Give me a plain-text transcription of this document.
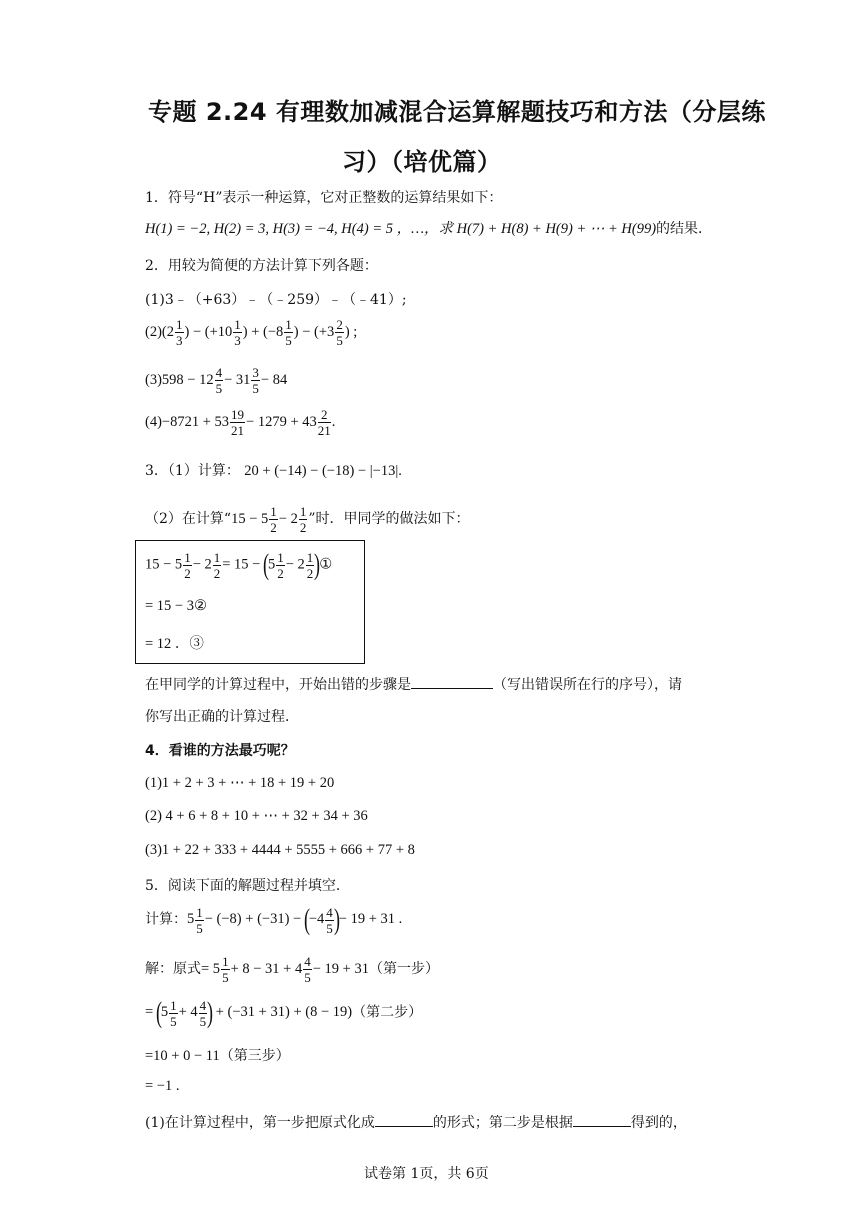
专题 2.24 有理数加减混合运算解题技巧和方法（分层练
习）（培优篇）
1．符号“H”表示一种运算，它对正整数的运算结果如下：
H(1) = −2, H(2) = 3, H(3) = −4, H(4) = 5 ，…，求 H(7) + H(8) + H(9) + ⋯ + H(99)的结果．
2．用较为简便的方法计算下列各题：
(1)3﹣（+63）﹣（﹣259）﹣（﹣41）;
$(2)(2 \frac{1}{3}$ ) − ($+10 \frac{1}{3}$ ) + ($-8 \frac{1}{5}$ ) − ($+3 \frac{2}{5}$ ) ;
$(3)598 - 12 \frac{4}{5} - 31 \frac{3}{5} - 84$
$(4)-8721 + 53 \frac{19}{21} - 1279 + 43 \frac{2}{21}$ .
3．（1）计算： 20 + (−14) − (−18) − |−13|.
（2）在计算“$15 - 5 \frac{1}{2} - 2 \frac{1}{2}$ ”时．甲同学的做法如下：
$15 - 5 \frac{1}{2} - 2 \frac{1}{2} = 15 - (5 \frac{1}{2} - 2 \frac{1}{2}$ )①
= 15 − 3②
= 12 ．③
在甲同学的计算过程中，开始出错的步骤是	（写出错误所在行的序号），请
你写出正确的计算过程．
4．看谁的方法最巧呢？
(1)1 + 2 + 3 + ⋯ + 18 + 19 + 20
(2) 4 + 6 + 8 + 10 + ⋯ + 32 + 34 + 36
(3)1 + 22 + 333 + 4444 + 5555 + 666 + 77 + 8
5．阅读下面的解题过程并填空．
计算：$5 \frac{1}{5} - (-8) + (-31) - (-4 \frac{4}{5}$ )− 19 + 31 .
解：原式= $5 \frac{1}{5} + 8 - 31 + 4 \frac{4}{5} - 19 + 31$（第一步）
= ($5 \frac{1}{5} + 4 \frac{4}{5}$ ) + (−31 + 31) + (8 − 19)（第二步）
=10 + 0 − 11（第三步）
= −1 .
(1)在计算过程中，第一步把原式化成	的形式；第二步是根据	得到的，
试卷第 1页，共 6页
